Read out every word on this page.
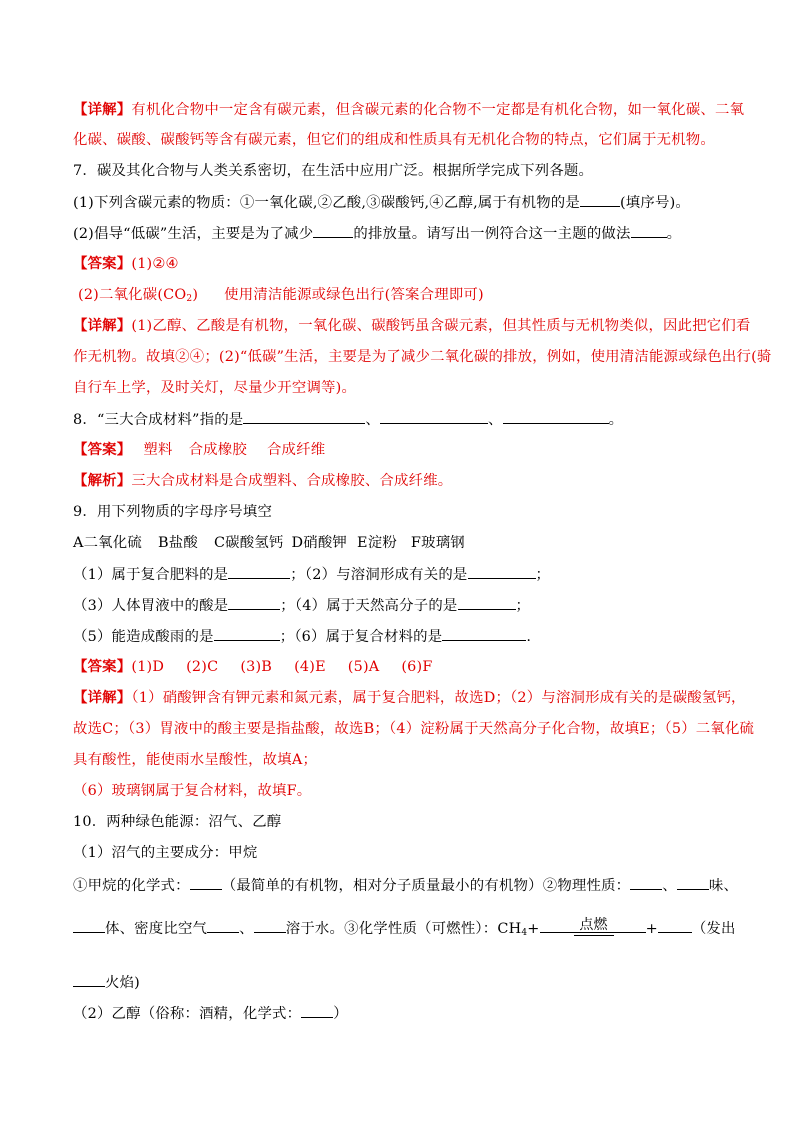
【详解】有机化合物中一定含有碳元素，但含碳元素的化合物不一定都是有机化合物，如一氧化碳、二氧
化碳、碳酸、碳酸钙等含有碳元素，但它们的组成和性质具有无机化合物的特点，它们属于无机物。
7．碳及其化合物与人类关系密切，在生活中应用广泛。根据所学完成下列各题。
(1)下列含碳元素的物质：①一氧化碳,②乙酸,③碳酸钙,④乙醇,属于有机物的是	(填序号)。
(2)倡导“低碳”生活，主要是为了减少	的排放量。请写出一例符合这一主题的做法	。
【答案】(1)②④
(2)二氧化碳$(CO_2)$ 使用清洁能源或绿色出行(答案合理即可)
【详解】(1)乙醇、乙酸是有机物，一氧化碳、碳酸钙虽含碳元素，但其性质与无机物类似，因此把它们看
作无机物。故填②④；(2)“低碳”生活，主要是为了减少二氧化碳的排放，例如，使用清洁能源或绿色出行(骑
自行车上学，及时关灯，尽量少开空调等)。
8．“三大合成材料”指的是	、	、	。
【答案】 塑料 合成橡胶 合成纤维
【解析】三大合成材料是合成塑料、合成橡胶、合成纤维。
9．用下列物质的字母序号填空
A二氧化硫 B盐酸 C碳酸氢钙 D硝酸钾 E淀粉 F玻璃钢
（1）属于复合肥料的是	；（2）与溶洞形成有关的是	；
（3）人体胃液中的酸是	；（4）属于天然高分子的是	；
（5）能造成酸雨的是	；（6）属于复合材料的是	.
【答案】(1)D (2)C (3)B (4)E (5)A (6)F
【详解】（1）硝酸钾含有钾元素和氮元素，属于复合肥料，故选D；（2）与溶洞形成有关的是碳酸氢钙，
故选C；（3）胃液中的酸主要是指盐酸，故选B；（4）淀粉属于天然高分子化合物，故填E；（5）二氧化硫
具有酸性，能使雨水呈酸性，故填A；
（6）玻璃钢属于复合材料，故填F。
10．两种绿色能源：沼气、乙醇
（1）沼气的主要成分：甲烷
①甲烷的化学式： （最简单的有机物，相对分子质量最小的有机物）②物理性质： 、 味、
体、密度比空气 、 溶于水。③化学性质（可燃性）：$CH_4+$	点燃	+ （发出
火焰)
（2）乙醇（俗称：酒精，化学式： ）
